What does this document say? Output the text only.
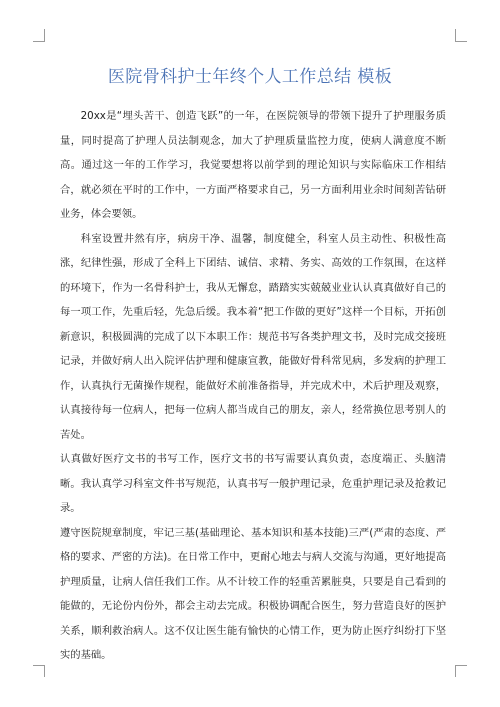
医院骨科护士年终个人工作总结 模板

20xx是“埋头苦干、创造飞跃”的一年，在医院领导的带领下提升了护理服务质量，同时提高了护理人员法制观念，加大了护理质量监控力度，使病人满意度不断高。通过这一年的工作学习，我觉要想将以前学到的理论知识与实际临床工作相结合，就必须在平时的工作中，一方面严格要求自己，另一方面利用业余时间刻苦钻研业务，体会要领。

科室设置井然有序，病房干净、温馨，制度健全，科室人员主动性、积极性高涨，纪律性强，形成了全科上下团结、诚信、求精、务实、高效的工作氛围，在这样的环境下，作为一名骨科护士，我从无懈怠，踏踏实实兢兢业业认认真真做好自己的每一项工作，先重后轻，先急后缓。我本着“把工作做的更好”这样一个目标，开拓创新意识，积极圆满的完成了以下本职工作：规范书写各类护理文书，及时完成交接班记录，并做好病人出入院评估护理和健康宣教，能做好骨科常见病，多发病的护理工作，认真执行无菌操作规程，能做好术前准备指导，并完成术中，术后护理及观察，认真接待每一位病人，把每一位病人都当成自己的朋友，亲人，经常换位思考别人的苦处。

认真做好医疗文书的书写工作，医疗文书的书写需要认真负责，态度端正、头脑清晰。我认真学习科室文件书写规范，认真书写一般护理记录，危重护理记录及抢救记录。

遵守医院规章制度，牢记三基(基础理论、基本知识和基本技能)三严(严肃的态度、严格的要求、严密的方法)。在日常工作中，更耐心地去与病人交流与沟通，更好地提高护理质量，让病人信任我们工作。从不计较工作的轻重苦累脏臭，只要是自己看到的能做的，无论份内份外，都会主动去完成。积极协调配合医生，努力营造良好的医护关系，顺利救治病人。这不仅让医生能有愉快的心情工作，更为防止医疗纠纷打下坚实的基础。
